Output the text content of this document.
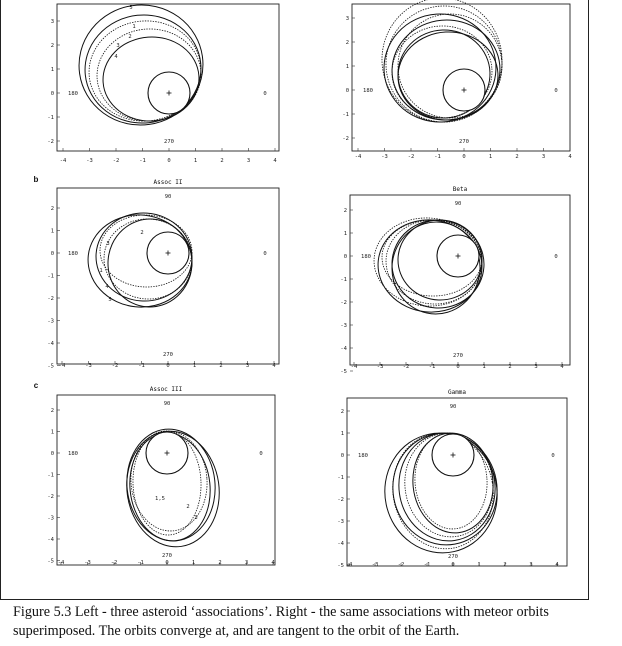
-4	-3	-2	-1	0	1	2	3	4
3
2
1
0
-1
-2
180	0
270
5
1
2
3
4
-4	-3	-2	-1	0	1	2	3	4
3
2
1
0
-1
-2
180	0
270
Assoc II
-4	-3	-2	-1	0	1	2	3	4
2
1
0
-1
-2
-3
-4
-5
90
180	0
270
2
3
1
4
5
Beta
-4	-3	-2	-1	0	1	2	3	4
2
1
0
-1
-2
-3
-4
-5
90
180	0
270
Assoc III
-4	-3	-2	-1	0	1	2	3	4
2
1
0
-1
-2
-3
-4
-5
90
180	0
270
1,5
2
3
Gamma
-4	-3	-2	-1	0	1	2	3	4
2
1
0
-1
-2
-3
-4
-5
90
180	0
270
b
c
Figure 5.3 Left - three asteroid ‘associations’. Right - the same associations with meteor orbits
superimposed. The orbits converge at, and are tangent to the orbit of the Earth.
